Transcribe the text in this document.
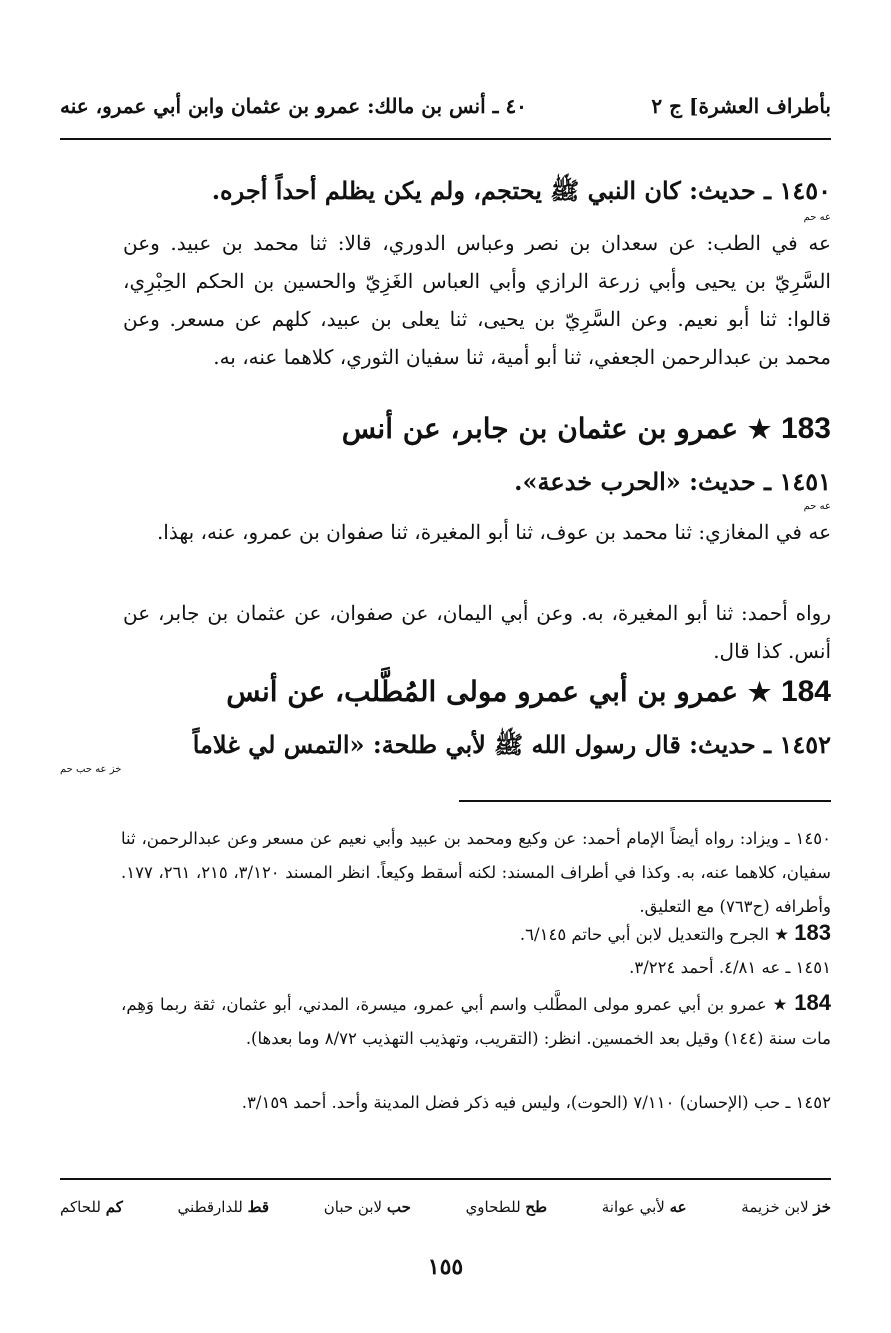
بأطراف العشرة] ج ٢
٤٠ ـ أنس بن مالك: عمرو بن عثمان وابن أبي عمرو، عنه
١٤٥٠ ـ حديث: كان النبي ﷺ يحتجم، ولم يكن يظلم أحداً أجره.
عه حم
عه في الطب: عن سعدان بن نصر وعباس الدوري، قالا: ثنا محمد بن عبيد. وعن السَّرِيّ بن يحيى وأبي زرعة الرازي وأبي العباس الغَزِيّ والحسين بن الحكم الحِبْرِي، قالوا: ثنا أبو نعيم. وعن السَّرِيّ بن يحيى، ثنا يعلى بن عبيد، كلهم عن مسعر. وعن محمد بن عبدالرحمن الجعفي، ثنا أبو أمية، ثنا سفيان الثوري، كلاهما عنه، به.
183 ★ عمرو بن عثمان بن جابر، عن أنس
١٤٥١ ـ حديث: «الحرب خدعة».
عه حم
عه في المغازي: ثنا محمد بن عوف، ثنا أبو المغيرة، ثنا صفوان بن عمرو، عنه، بهذا.
رواه أحمد: ثنا أبو المغيرة، به. وعن أبي اليمان، عن صفوان، عن عثمان بن جابر، عن أنس. كذا قال.
184 ★ عمرو بن أبي عمرو مولى المُطَّلب، عن أنس
١٤٥٢ ـ حديث: قال رسول الله ﷺ لأبي طلحة: «التمس لي غلاماً
خز عه حب حم
١٤٥٠ ـ ويزاد: رواه أيضاً الإمام أحمد: عن وكيع ومحمد بن عبيد وأبي نعيم عن مسعر وعن عبدالرحمن، ثنا سفيان، كلاهما عنه، به. وكذا في أطراف المسند: لكنه أسقط وكيعاً. انظر المسند ٣/١٢٠، ٢١٥، ٢٦١، ١٧٧. وأطرافه (ح٧٦٣) مع التعليق.
183 ★ الجرح والتعديل لابن أبي حاتم ٦/١٤٥.
١٤٥١ ـ عه ٤/٨١. أحمد ٣/٢٢٤.
184 ★ عمرو بن أبي عمرو مولى المطَّلب واسم أبي عمرو، ميسرة، المدني، أبو عثمان، ثقة ربما وَهِم، مات سنة (١٤٤) وقيل بعد الخمسين. انظر: (التقريب، وتهذيب التهذيب ٨/٧٢ وما بعدها).
١٤٥٢ ـ حب (الإحسان) ٧/١١٠ (الحوت)، وليس فيه ذكر فضل المدينة وأحد. أحمد ٣/١٥٩.
خز لابن خزيمة
عه لأبي عوانة
طح للطحاوي
حب لابن حبان
قط للدارقطني
كم للحاكم
١٥٥
